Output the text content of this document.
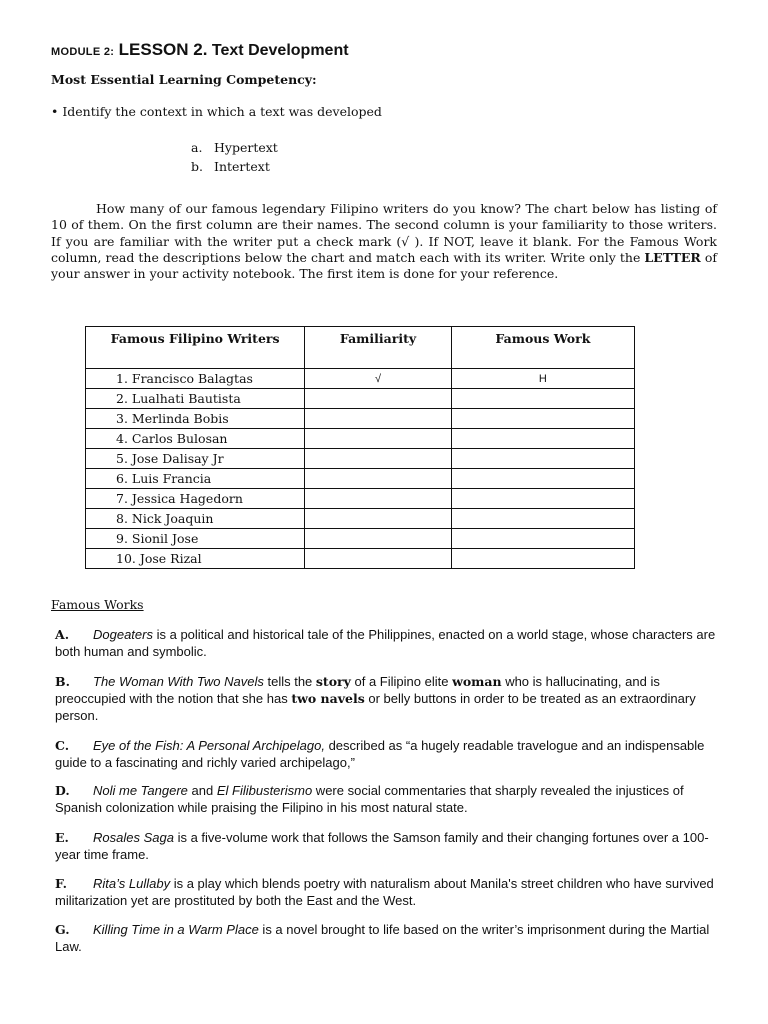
MODULE 2: LESSON 2. Text Development
Most Essential Learning Competency:
• Identify the context in which a text was developed
a. Hypertext
b. Intertext
How many of our famous legendary Filipino writers do you know? The chart below has listing of 10 of them. On the first column are their names. The second column is your familiarity to those writers. If you are familiar with the writer put a check mark (√ ). If NOT, leave it blank. For the Famous Work column, read the descriptions below the chart and match each with its writer. Write only the LETTER of your answer in your activity notebook. The first item is done for your reference.
Famous Filipino Writers	Familiarity	Famous Work
1. Francisco Balagtas	√	H
2. Lualhati Bautista		
3. Merlinda Bobis		
4. Carlos Bulosan		
5. Jose Dalisay Jr		
6. Luis Francia		
7. Jessica Hagedorn		
8. Nick Joaquin		
9. Sionil Jose		
10. Jose Rizal		
Famous Works
A. Dogeaters is a political and historical tale of the Philippines, enacted on a world stage, whose characters are both human and symbolic.
B. The Woman With Two Navels tells the story of a Filipino elite woman who is hallucinating, and is preoccupied with the notion that she has two navels or belly buttons in order to be treated as an extraordinary person.
C. Eye of the Fish: A Personal Archipelago, described as “a hugely readable travelogue and an indispensable guide to a fascinating and richly varied archipelago,”
D. Noli me Tangere and El Filibusterismo were social commentaries that sharply revealed the injustices of Spanish colonization while praising the Filipino in his most natural state.
E. Rosales Saga is a five-volume work that follows the Samson family and their changing fortunes over a 100-year time frame.
F. Rita’s Lullaby is a play which blends poetry with naturalism about Manila's street children who have survived militarization yet are prostituted by both the East and the West.
G. Killing Time in a Warm Place is a novel brought to life based on the writer’s imprisonment during the Martial Law.
